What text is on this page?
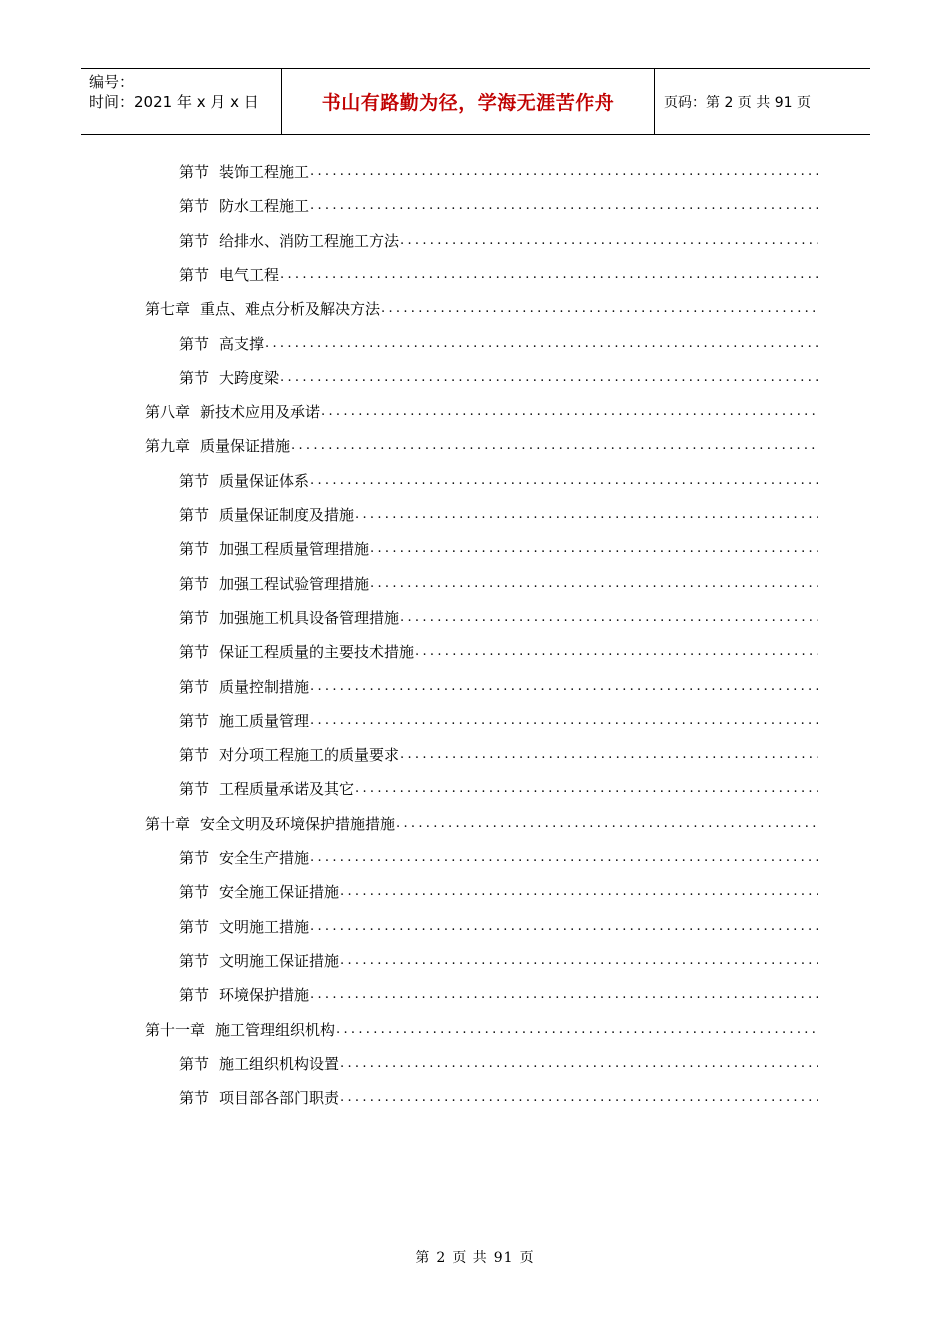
编号：
时间：2021 年 x 月 x 日	书山有路勤为径，学海无涯苦作舟	页码：第 2 页 共 91 页
第节 装饰工程施工
.....
第节 防水工程施工
.....
第节 给排水、消防工程施工方法
.....
第节 电气工程
.....
第七章 重点、难点分析及解决方法
.....
第节 高支撑
.....
第节 大跨度梁
.....
第八章 新技术应用及承诺
.....
第九章 质量保证措施
.....
第节 质量保证体系
.....
第节 质量保证制度及措施
.....
第节 加强工程质量管理措施
.....
第节 加强工程试验管理措施
.....
第节 加强施工机具设备管理措施
.....
第节 保证工程质量的主要技术措施
.....
第节 质量控制措施
.....
第节 施工质量管理
.....
第节 对分项工程施工的质量要求
.....
第节 工程质量承诺及其它
.....
第十章 安全文明及环境保护措施措施
.....
第节 安全生产措施
.....
第节 安全施工保证措施
.....
第节 文明施工措施
.....
第节 文明施工保证措施
.....
第节 环境保护措施
.....
第十一章 施工管理组织机构
.....
第节 施工组织机构设置
.....
第节 项目部各部门职责
.....
第 2 页 共 91 页
